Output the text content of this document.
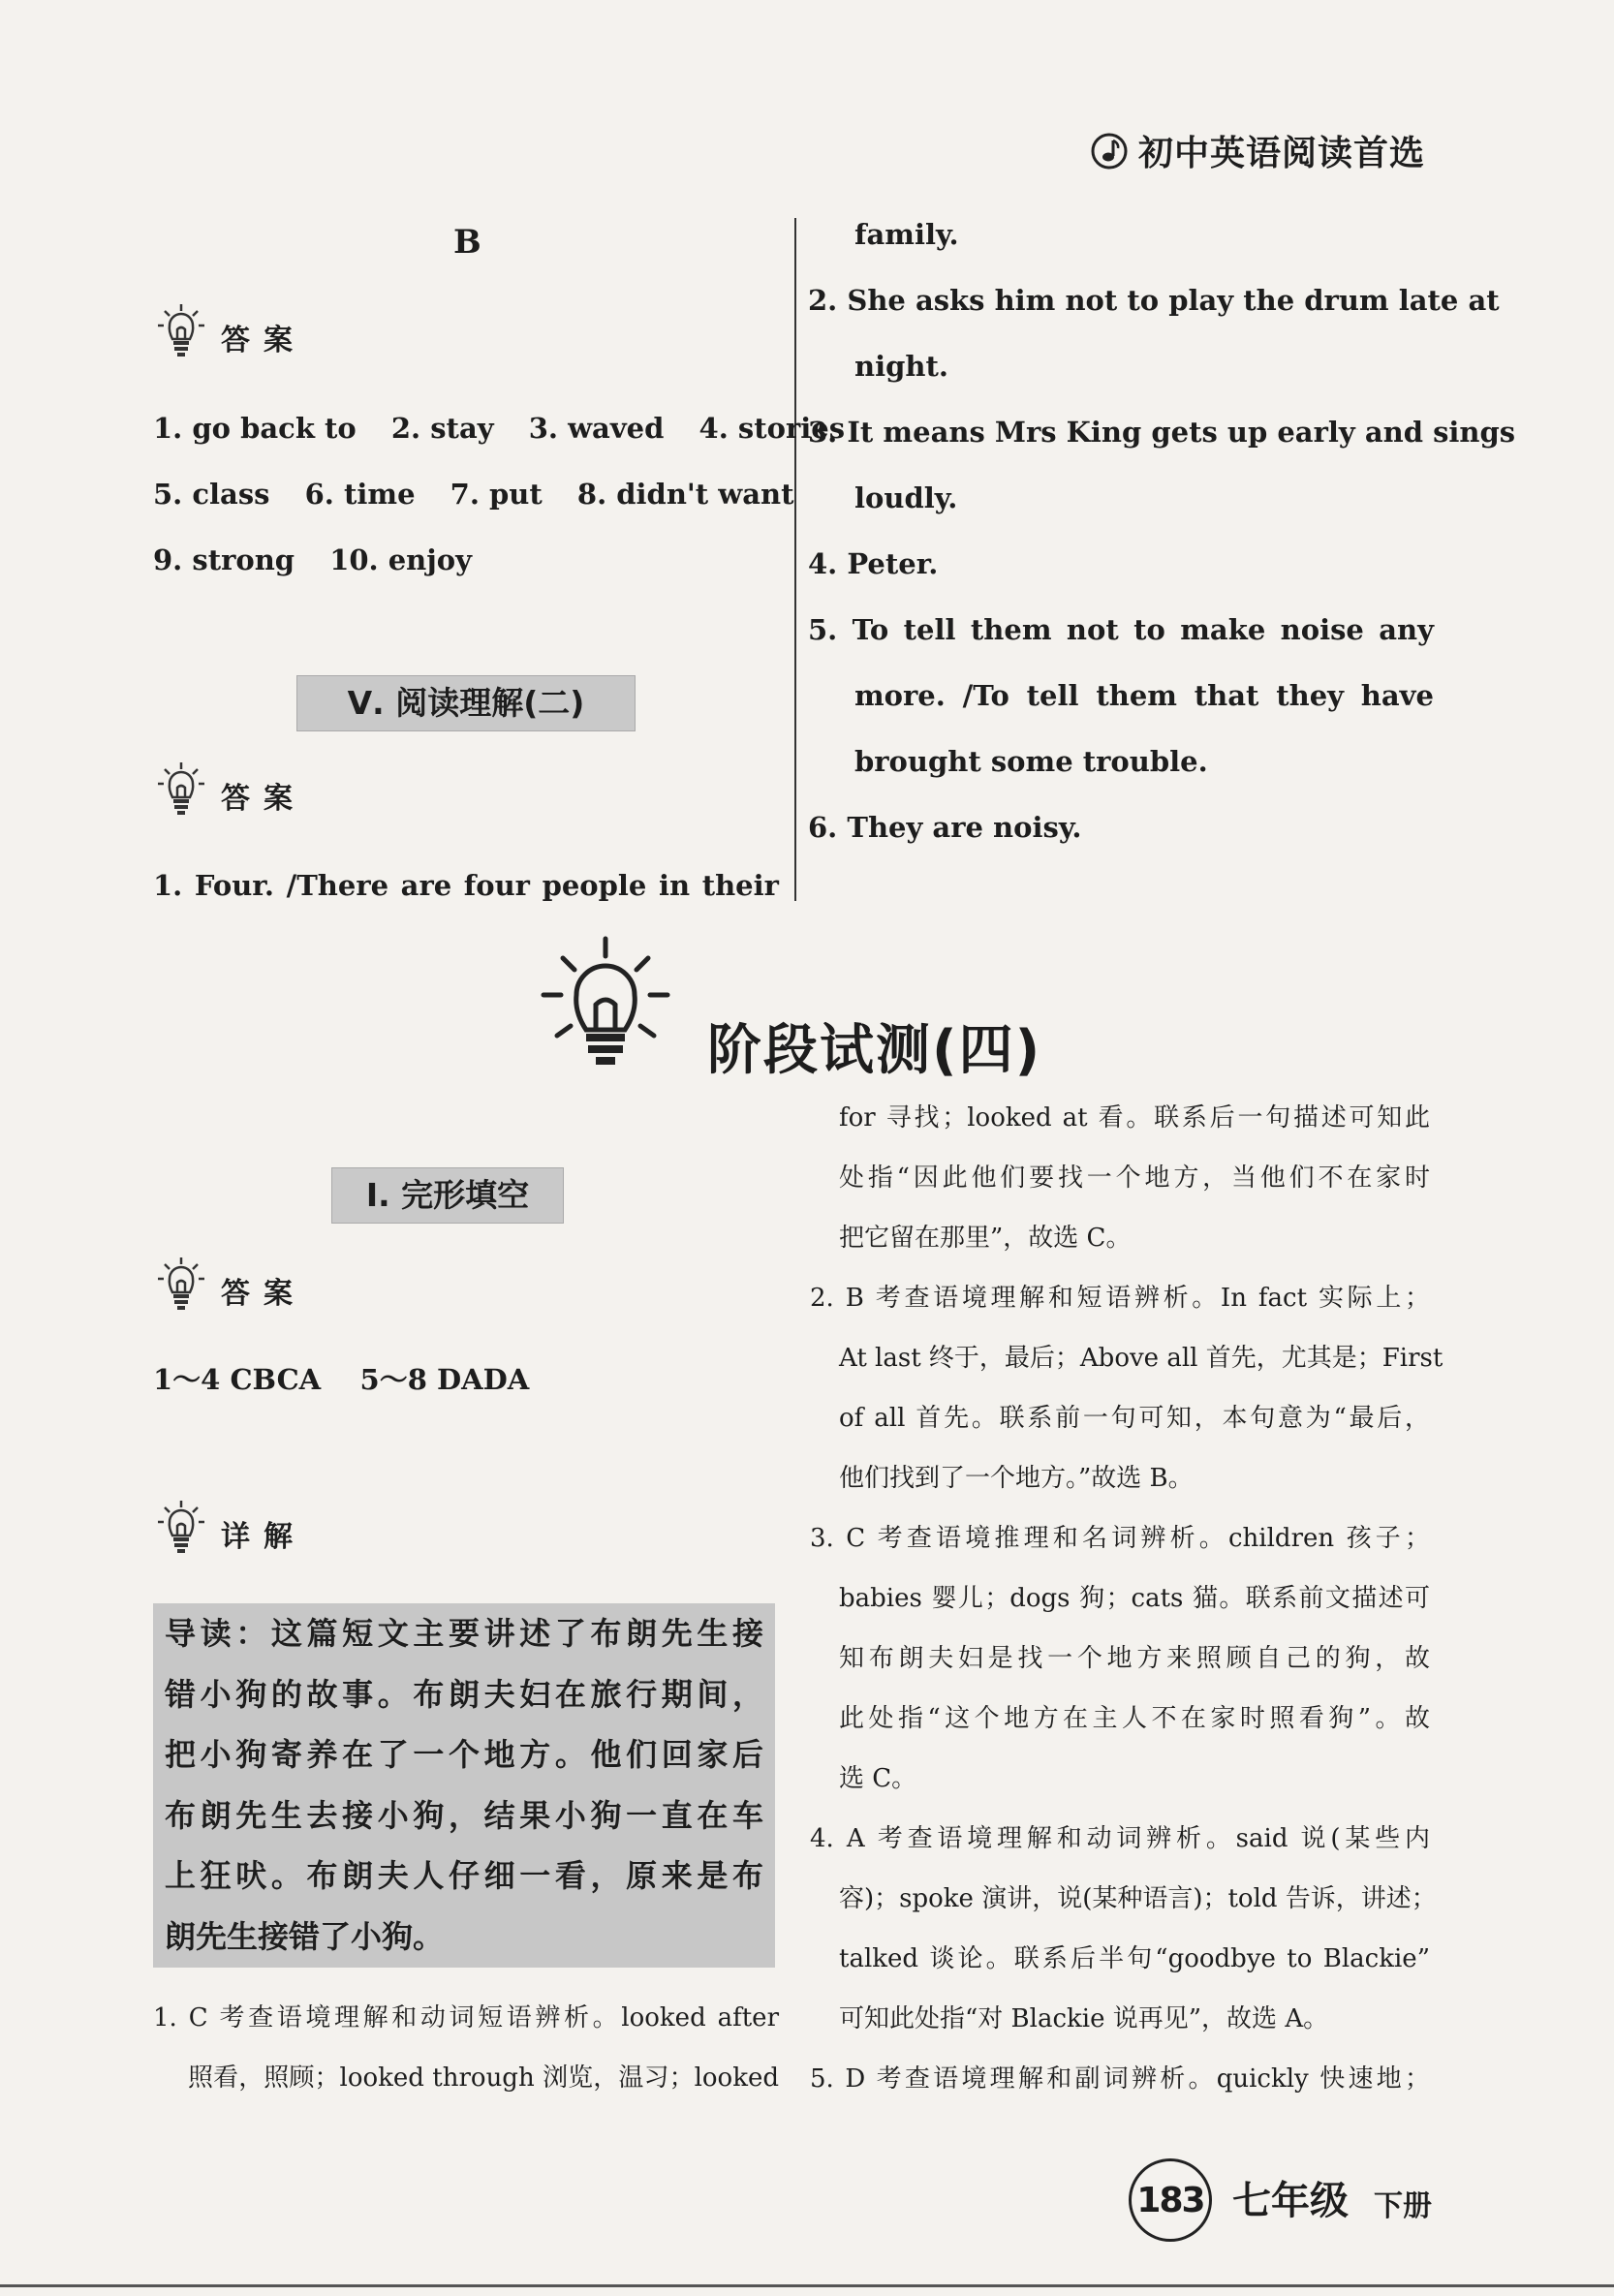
初中英语阅读首选
B
答案
1. go back to 2. stay 3. waved 4. stories
5. class 6. time 7. put 8. didn't want
9. strong 10. enjoy
Ⅴ. 阅读理解(二)
答案
1. Four. /There are four people in their
family.
2. She asks him not to play the drum late at
night.
3. It means Mrs King gets up early and sings
loudly.
4. Peter.
5. To tell them not to make noise any
more. /To tell them that they have
brought some trouble.
6. They are noisy.
阶段试测(四)
Ⅰ. 完形填空
答案
1～4 CBCA    5～8 DADA
详解
导读：这篇短文主要讲述了布朗先生接
错小狗的故事。布朗夫妇在旅行期间，
把小狗寄养在了一个地方。他们回家后
布朗先生去接小狗，结果小狗一直在车
上狂吠。布朗夫人仔细一看，原来是布
朗先生接错了小狗。
1. C 考查语境理解和动词短语辨析。looked after
照看，照顾；looked through 浏览，温习；looked
for 寻找；looked at 看。联系后一句描述可知此
处指“因此他们要找一个地方，当他们不在家时
把它留在那里”，故选 C。
2. B 考查语境理解和短语辨析。In fact 实际上；
At last 终于，最后；Above all 首先，尤其是；First
of all 首先。联系前一句可知，本句意为“最后，
他们找到了一个地方。”故选 B。
3. C 考查语境推理和名词辨析。children 孩子；
babies 婴儿；dogs 狗；cats 猫。联系前文描述可
知布朗夫妇是找一个地方来照顾自己的狗，故
此处指“这个地方在主人不在家时照看狗”。故
选 C。
4. A 考查语境理解和动词辨析。said 说(某些内
容)；spoke 演讲，说(某种语言)；told 告诉，讲述；
talked 谈论。联系后半句“goodbye to Blackie”
可知此处指“对 Blackie 说再见”，故选 A。
5. D 考查语境理解和副词辨析。quickly 快速地；
183 七年级 下册
